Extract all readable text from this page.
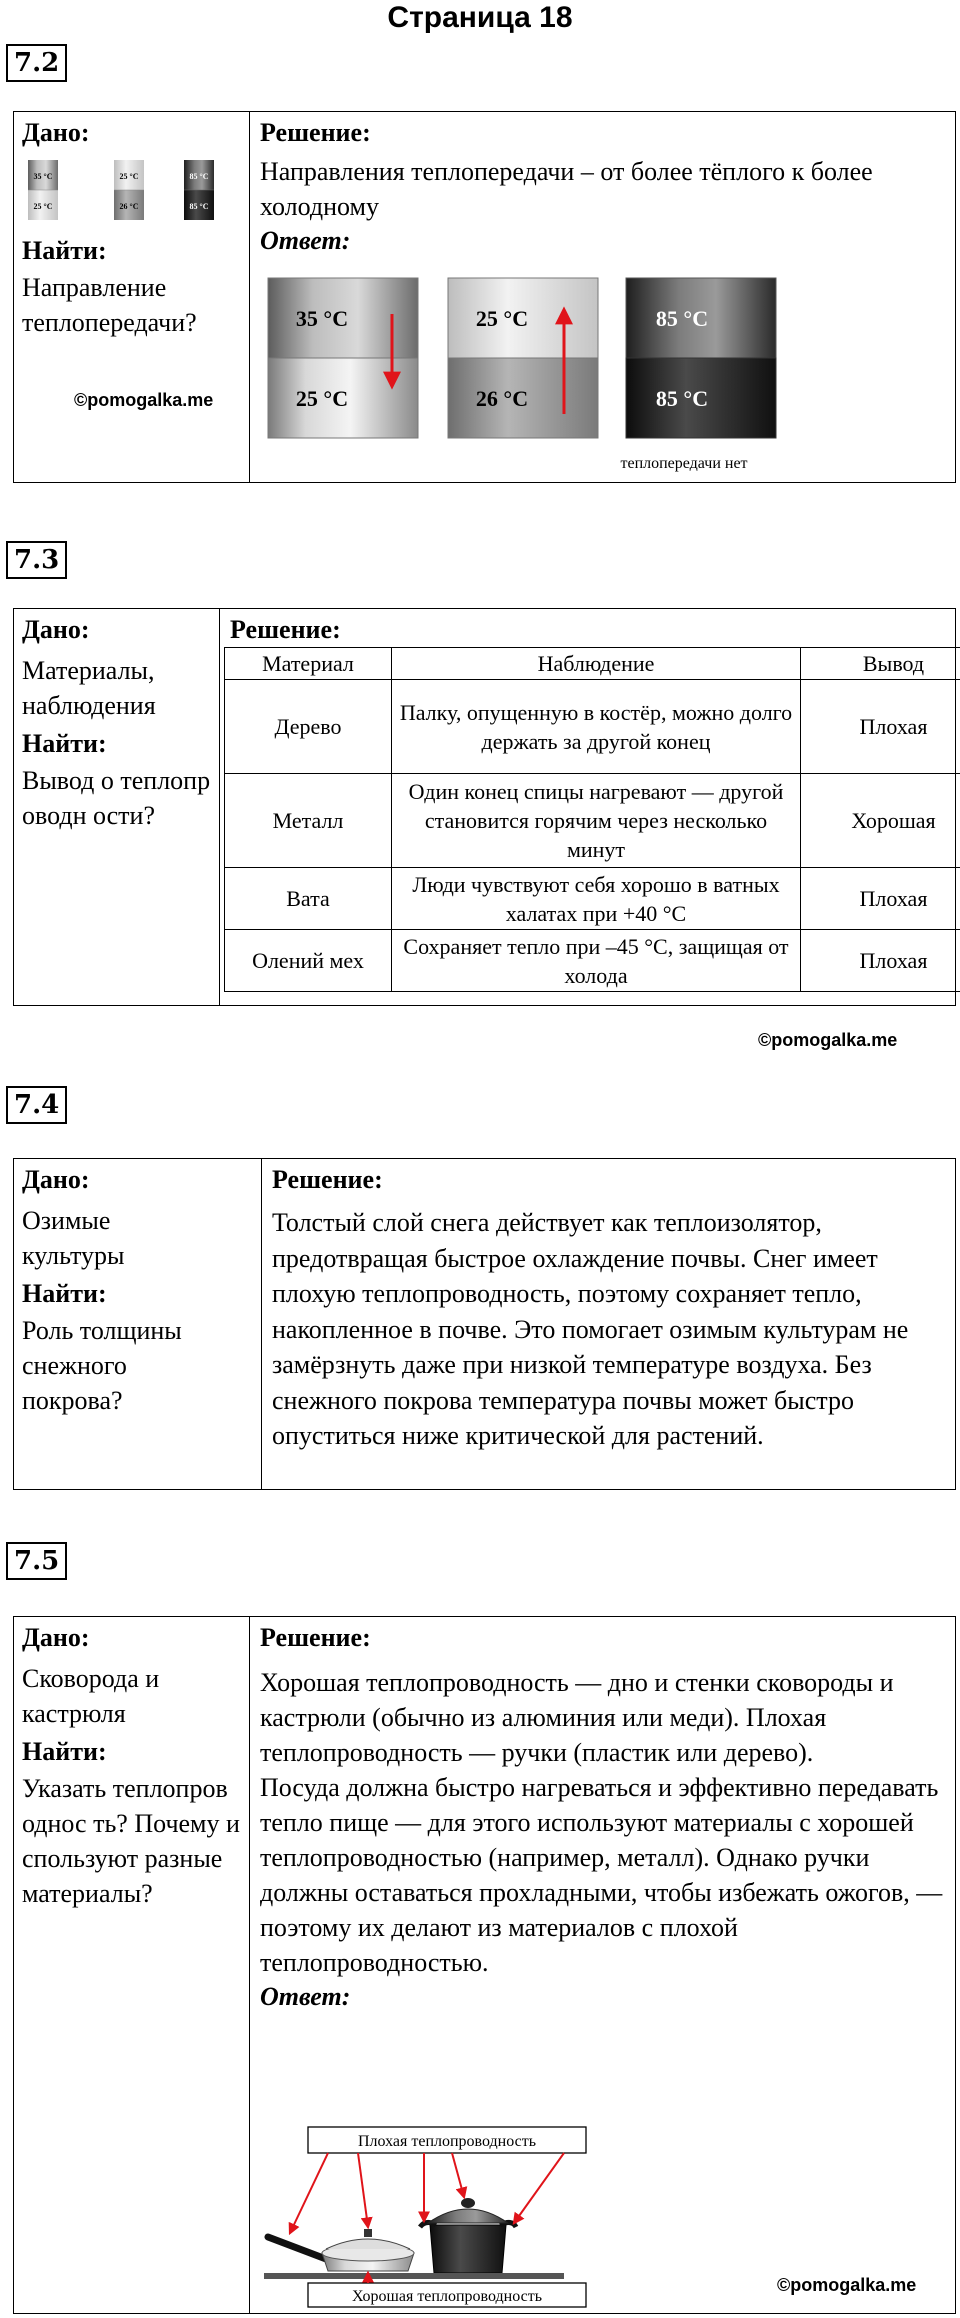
Страница 18
7.2
Дано:
35 °C
25 °C
25 °C
26 °C
85 °C
85 °C
Найти:
Направление теплопередачи?
©pomogalka.me
Решение:
Направления теплопередачи – от более тёплого к более холодному
Ответ:
35 °C
25 °C
25 °C
26 °C
85 °C
85 °C
теплопередачи нет
7.3
Дано:
Материалы, наблюдения
Найти:
Вывод о теплопроводн ости?
Решение:
Материал	Наблюдение	Вывод
Дерево	Палку, опущенную в костёр, можно долго держать за другой конец	Плохая
Металл	Один конец спицы нагревают — другой становится горячим через несколько минут	Хорошая
Вата	Люди чувствуют себя хорошо в ватных халатах при +40 °С	Плохая
Олений мех	Сохраняет тепло при –45 °С, защищая от холода	Плохая
©pomogalka.me
7.4
Дано:
Озимые культуры
Найти:
Роль толщины снежного покрова?
Решение:
Толстый слой снега действует как теплоизолятор, предотвращая быстрое охлаждение почвы. Снег имеет плохую теплопроводность, поэтому сохраняет тепло, накопленное в почве. Это помогает озимым культурам не замёрзнуть даже при низкой температуре воздуха. Без снежного покрова температура почвы может быстро опуститься ниже критической для растений.
7.5
Дано:
Сковорода и кастрюля
Найти:
Указать теплопроводнос ть? Почему используют разные материалы?
Решение:
Хорошая теплопроводность — дно и стенки сковороды и кастрюли (обычно из алюминия или меди). Плохая теплопроводность — ручки (пластик или дерево).
Посуда должна быстро нагреваться и эффективно передавать тепло пище — для этого используют материалы с хорошей теплопроводностью (например, металл). Однако ручки должны оставаться прохладными, чтобы избежать ожогов, — поэтому их делают из материалов с плохой теплопроводностью.
Ответ:
Плохая теплопроводность
Хорошая теплопроводность
©pomogalka.me
